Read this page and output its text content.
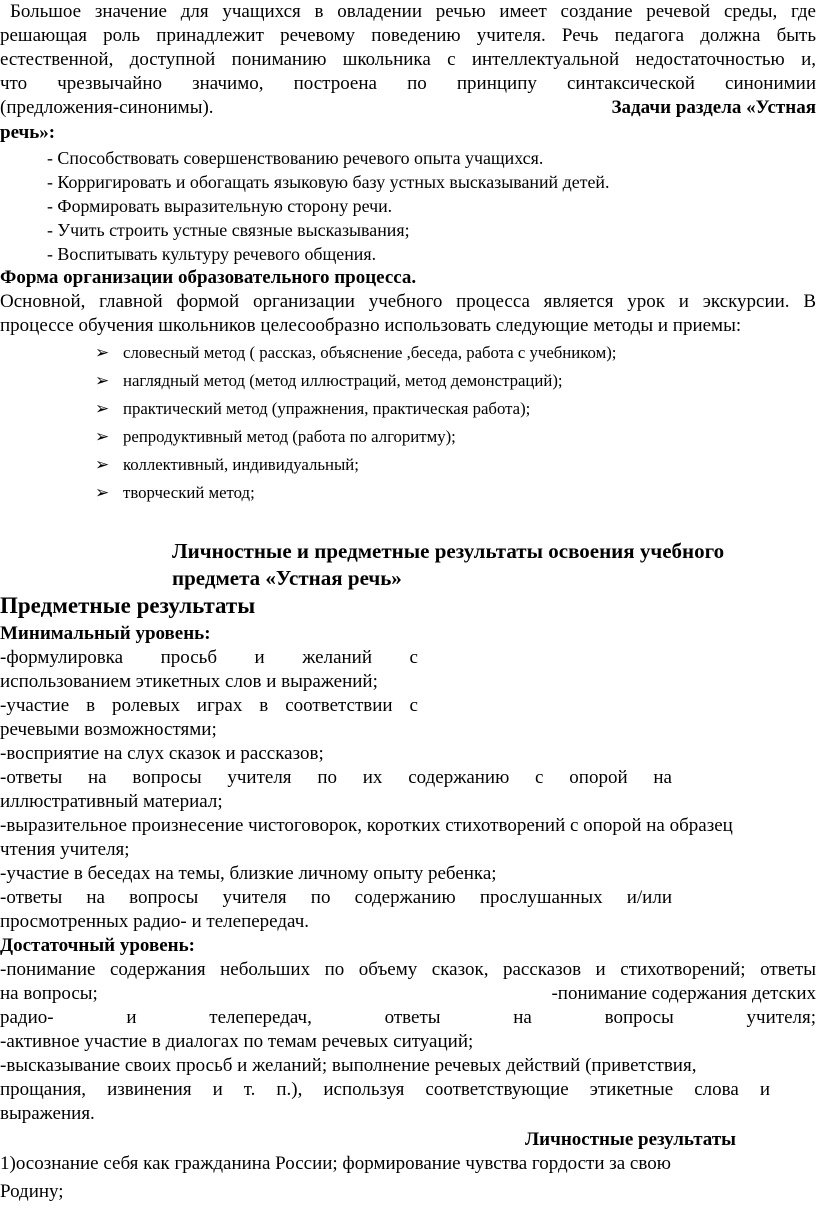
Большое значение для учащихся в овладении речью имеет создание речевой среды, где
решающая роль принадлежит речевому поведению учителя. Речь педагога должна быть
естественной, доступной пониманию школьника с интеллектуальной недостаточностью и,
что чрезвычайно значимо, построена по принципу синтаксической синонимии
(предложения-синонимы).	Задачи раздела «Устная
речь»:
- Способствовать совершенствованию речевого опыта учащихся.
- Корригировать и обогащать языковую базу устных высказываний детей.
- Формировать выразительную сторону речи.
- Учить строить устные связные высказывания;
- Воспитывать культуру речевого общения.
Форма организации образовательного процесса.
Основной, главной формой организации учебного процесса является урок и экскурсии. В
процессе обучения школьников целесообразно использовать следующие методы и приемы:
➢ словесный метод ( рассказ, объяснение ,беседа, работа с учебником);
➢ наглядный метод (метод иллюстраций, метод демонстраций);
➢ практический метод (упражнения, практическая работа);
➢ репродуктивный метод (работа по алгоритму);
➢ коллективный, индивидуальный;
➢ творческий метод;
Личностные и предметные результаты освоения учебного
предмета «Устная речь»
Предметные результаты
Минимальный уровень:
-формулировка просьб и желаний с
использованием этикетных слов и выражений;
-участие в ролевых играх в соответствии с
речевыми возможностями;
-восприятие на слух сказок и рассказов;
-ответы на вопросы учителя по их содержанию с опорой на
иллюстративный материал;
-выразительное произнесение чистоговорок, коротких стихотворений с опорой на образец
чтения учителя;
-участие в беседах на темы, близкие личному опыту ребенка;
-ответы на вопросы учителя по содержанию прослушанных и/или
просмотренных радио- и телепередач.
Достаточный уровень:
-понимание содержания небольших по объему сказок, рассказов и стихотворений; ответы
на вопросы;	-понимание содержания детских
радио- и телепередач, ответы на вопросы учителя;
-активное участие в диалогах по темам речевых ситуаций;
-высказывание своих просьб и желаний; выполнение речевых действий (приветствия,
прощания, извинения и т. п.), используя соответствующие этикетные слова и
выражения.
Личностные результаты
1)осознание себя как гражданина России; формирование чувства гордости за свою
Родину;
